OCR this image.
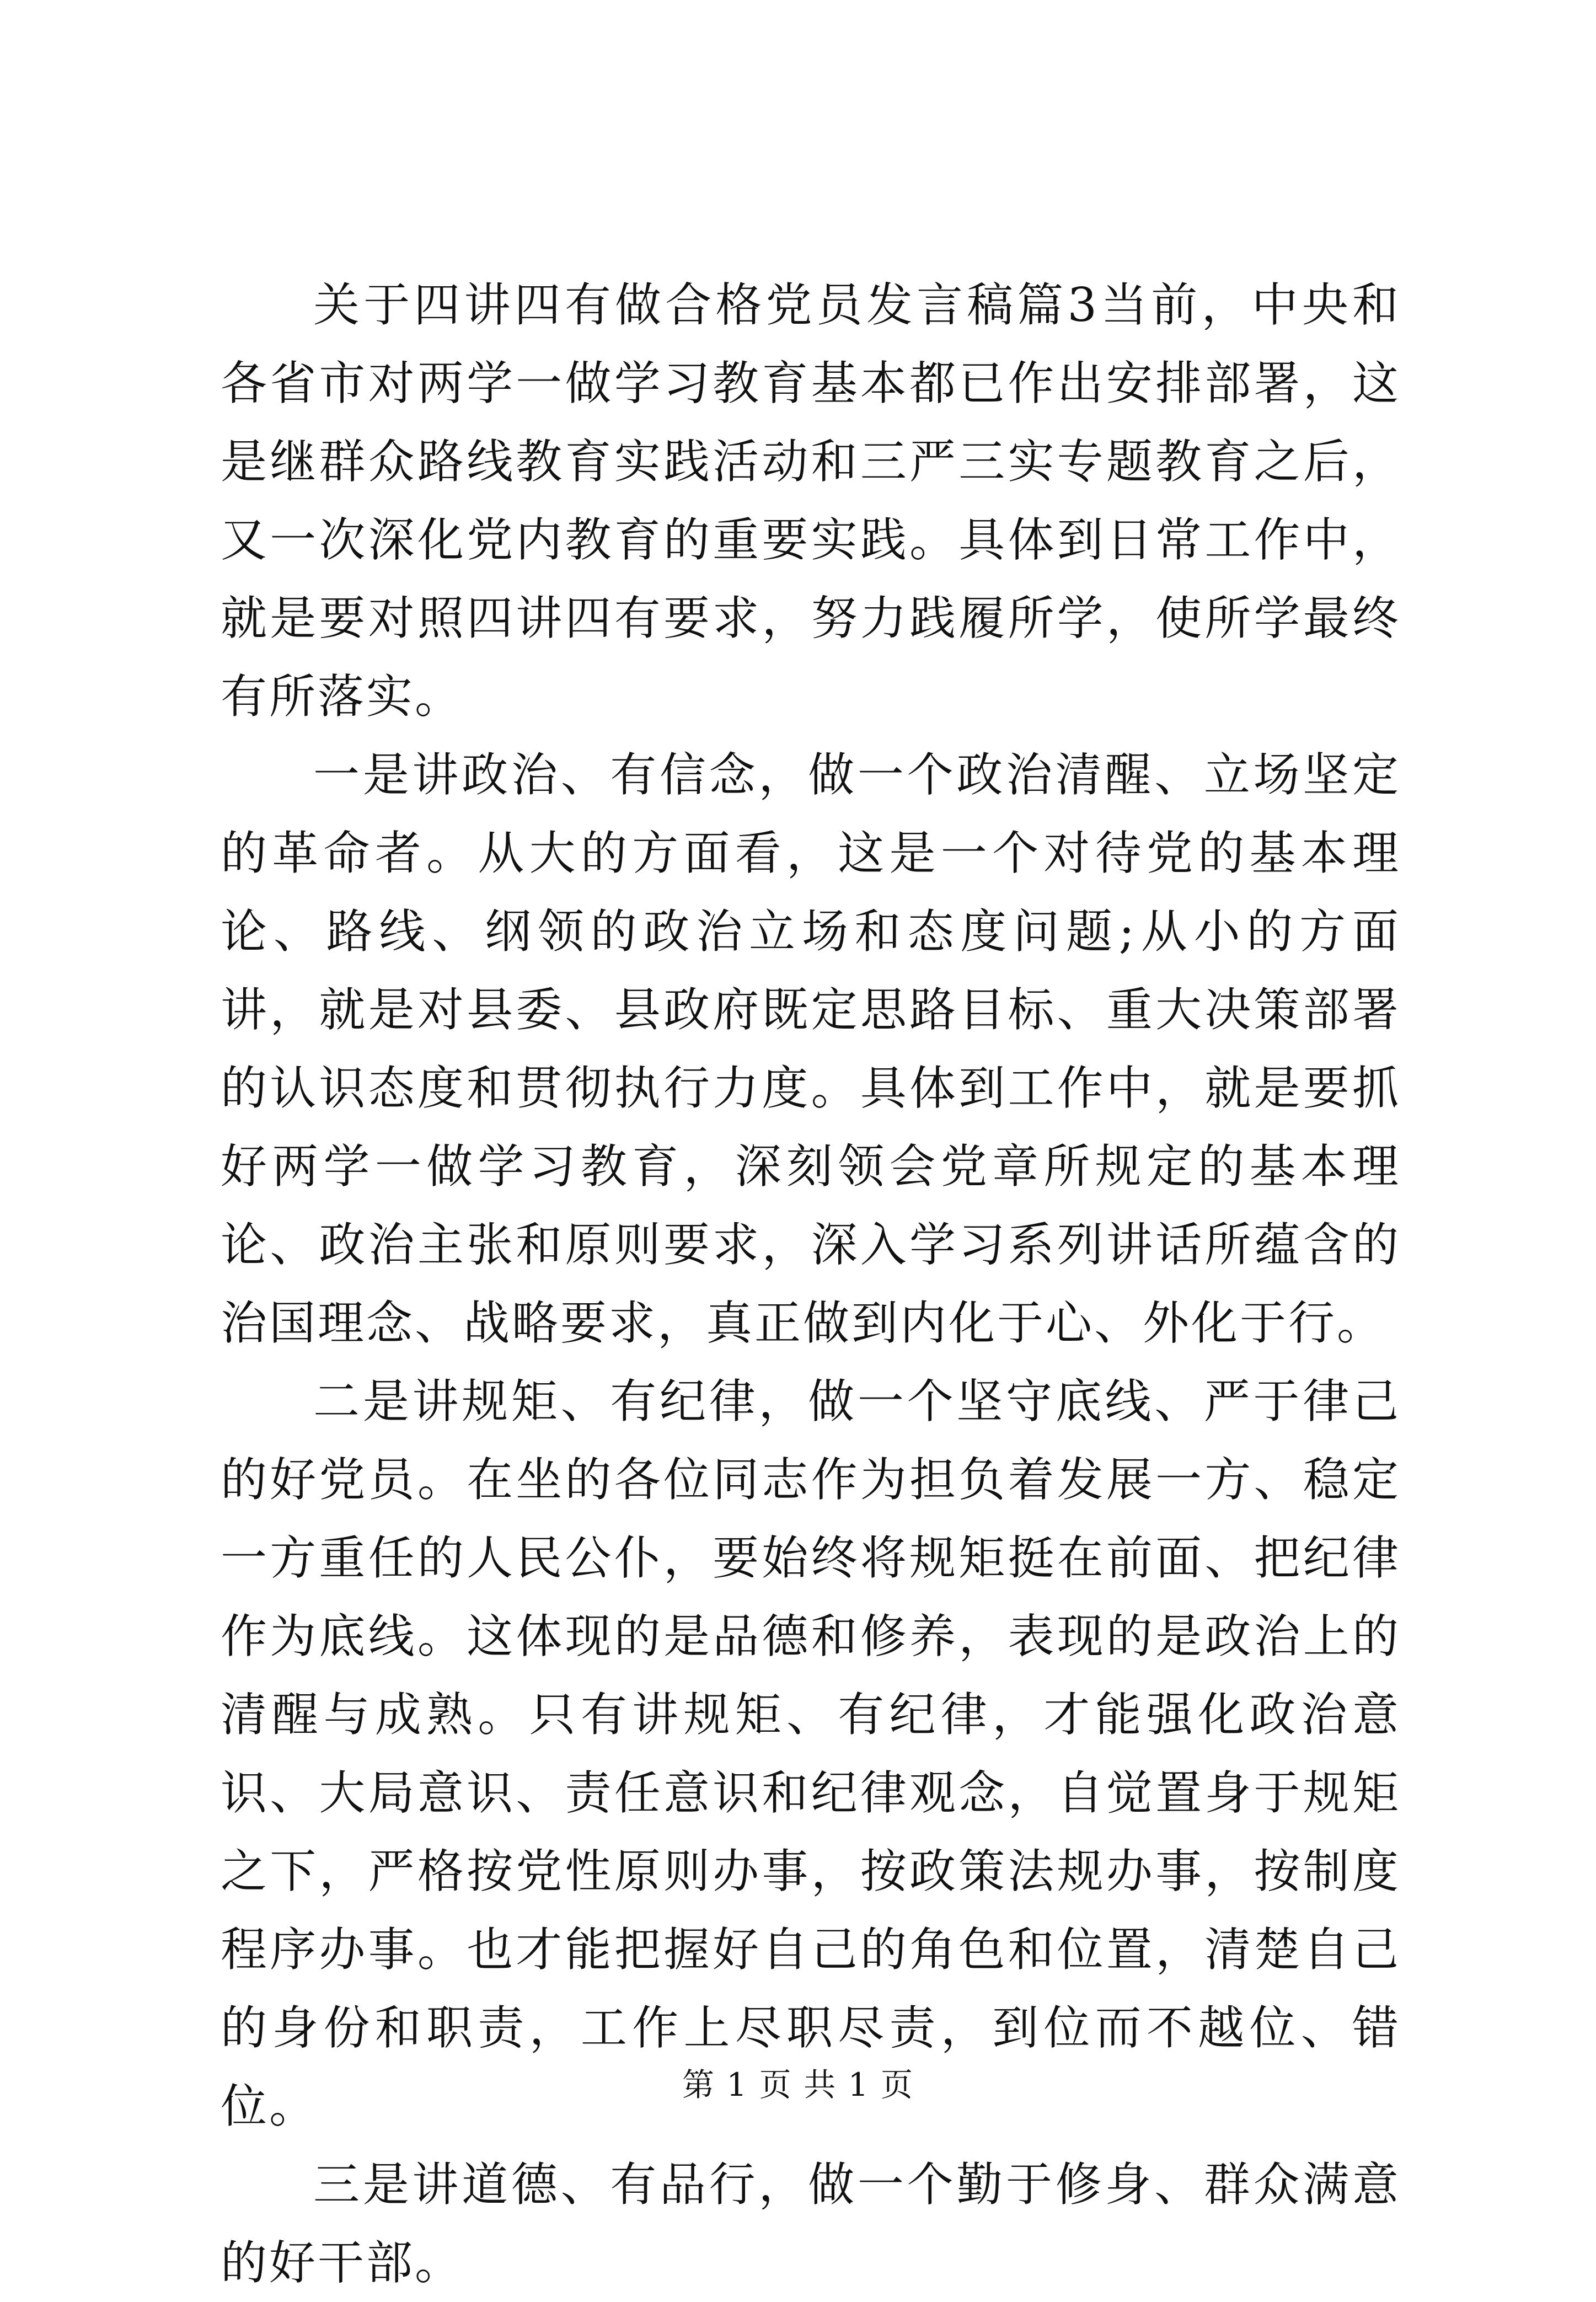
关于四讲四有做合格党员发言稿篇3当前，中央和各省市对两学一做学习教育基本都已作出安排部署，这是继群众路线教育实践活动和三严三实专题教育之后，又一次深化党内教育的重要实践。具体到日常工作中，就是要对照四讲四有要求，努力践履所学，使所学最终有所落实。

一是讲政治、有信念，做一个政治清醒、立场坚定的革命者。从大的方面看，这是一个对待党的基本理论、路线、纲领的政治立场和态度问题;从小的方面讲，就是对县委、县政府既定思路目标、重大决策部署的认识态度和贯彻执行力度。具体到工作中，就是要抓好两学一做学习教育，深刻领会党章所规定的基本理论、政治主张和原则要求，深入学习系列讲话所蕴含的治国理念、战略要求，真正做到内化于心、外化于行。

二是讲规矩、有纪律，做一个坚守底线、严于律己的好党员。在坐的各位同志作为担负着发展一方、稳定一方重任的人民公仆，要始终将规矩挺在前面、把纪律作为底线。这体现的是品德和修养，表现的是政治上的清醒与成熟。只有讲规矩、有纪律，才能强化政治意识、大局意识、责任意识和纪律观念，自觉置身于规矩之下，严格按党性原则办事，按政策法规办事，按制度程序办事。也才能把握好自己的角色和位置，清楚自己的身份和职责，工作上尽职尽责，到位而不越位、错位。

三是讲道德、有品行，做一个勤于修身、群众满意的好干部。

第 1 页 共 1 页
